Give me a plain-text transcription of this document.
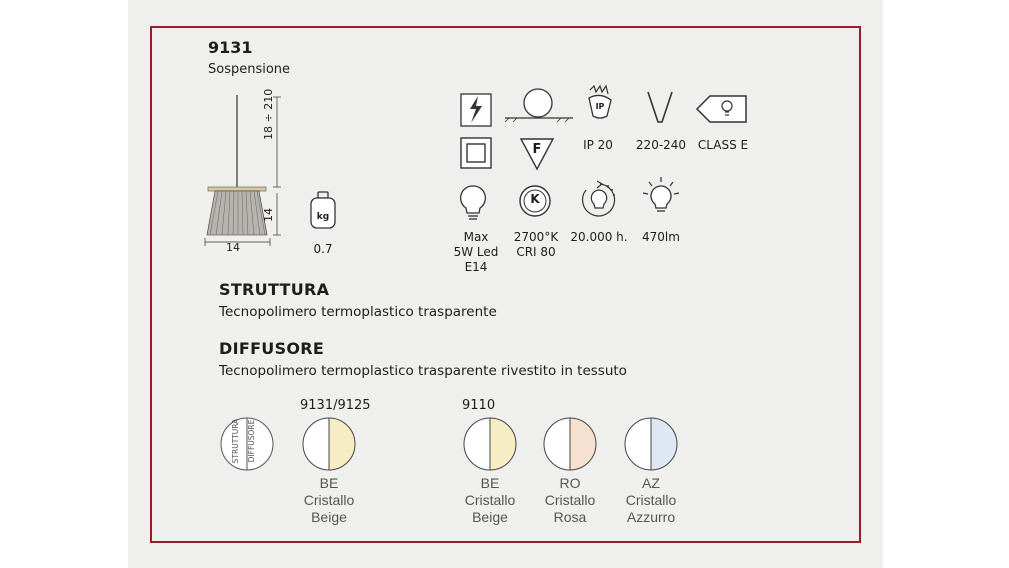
9131
Sospensione
18 ÷ 210
14
14
kg
0.7
IP
IP 20	220-240 CLASS E
F
K
Max
5W Led
E14
2700°K
CRI 80
20.000 h.	470lm
STRUTTURA
Tecnopolimero termoplastico trasparente
DIFFUSORE
Tecnopolimero termoplastico trasparente rivestito in tessuto
9131/9125	9110
STRUTTURA DIFFUSORE
BE
Cristallo
Beige
BE
Cristallo
Beige
RO
Cristallo
Rosa
AZ
Cristallo
Azzurro
